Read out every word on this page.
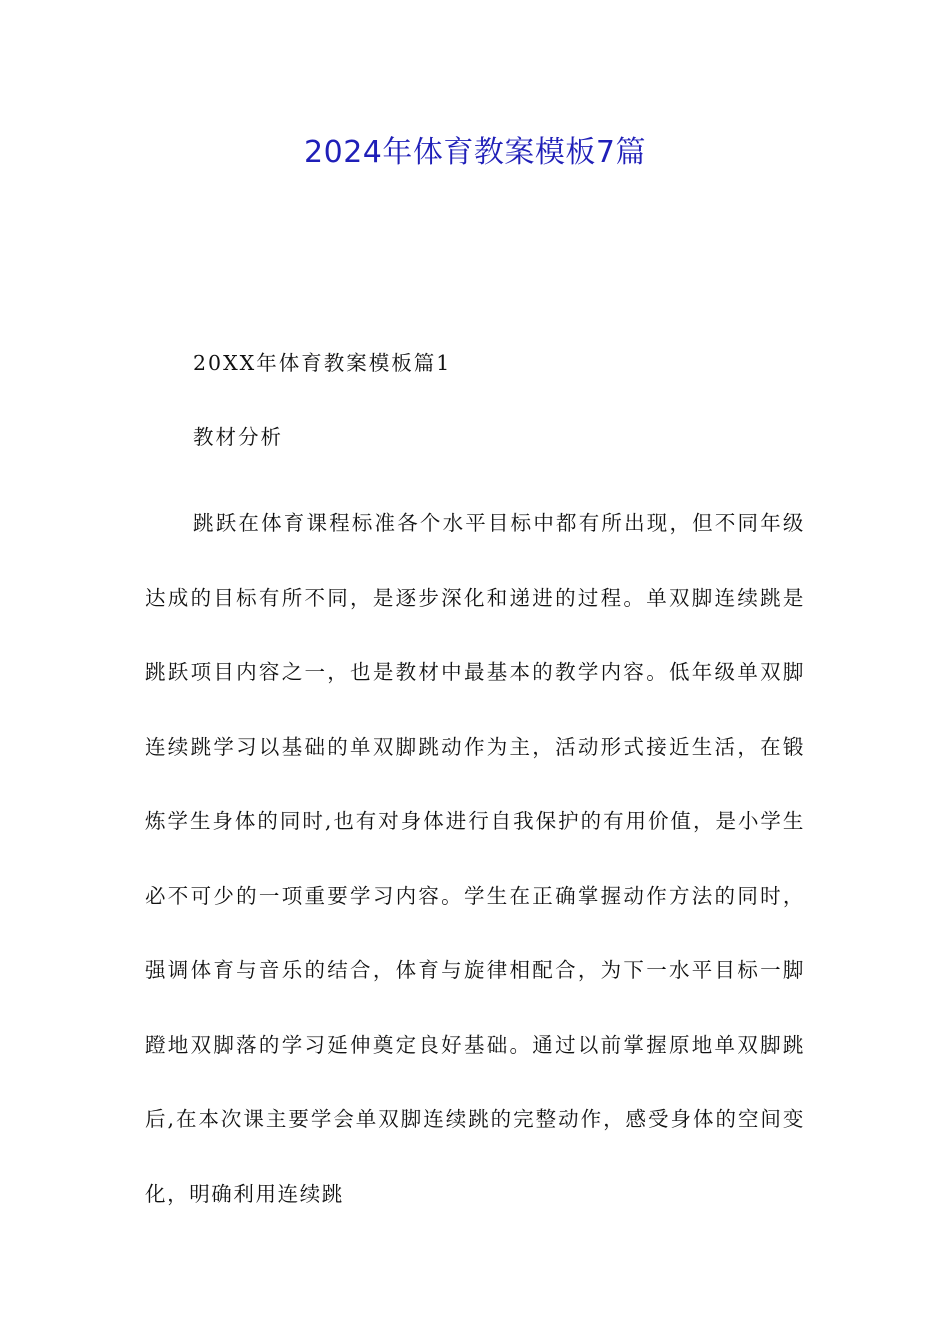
2024年体育教案模板7篇

20XX年体育教案模板篇1

教材分析

跳跃在体育课程标准各个水平目标中都有所出现，但不同年级达成的目标有所不同，是逐步深化和递进的过程。单双脚连续跳是跳跃项目内容之一，也是教材中最基本的教学内容。低年级单双脚连续跳学习以基础的单双脚跳动作为主，活动形式接近生活，在锻炼学生身体的同时,也有对身体进行自我保护的有用价值，是小学生必不可少的一项重要学习内容。学生在正确掌握动作方法的同时，强调体育与音乐的结合，体育与旋律相配合，为下一水平目标一脚蹬地双脚落的学习延伸奠定良好基础。通过以前掌握原地单双脚跳后,在本次课主要学会单双脚连续跳的完整动作，感受身体的空间变化，明确利用连续跳
